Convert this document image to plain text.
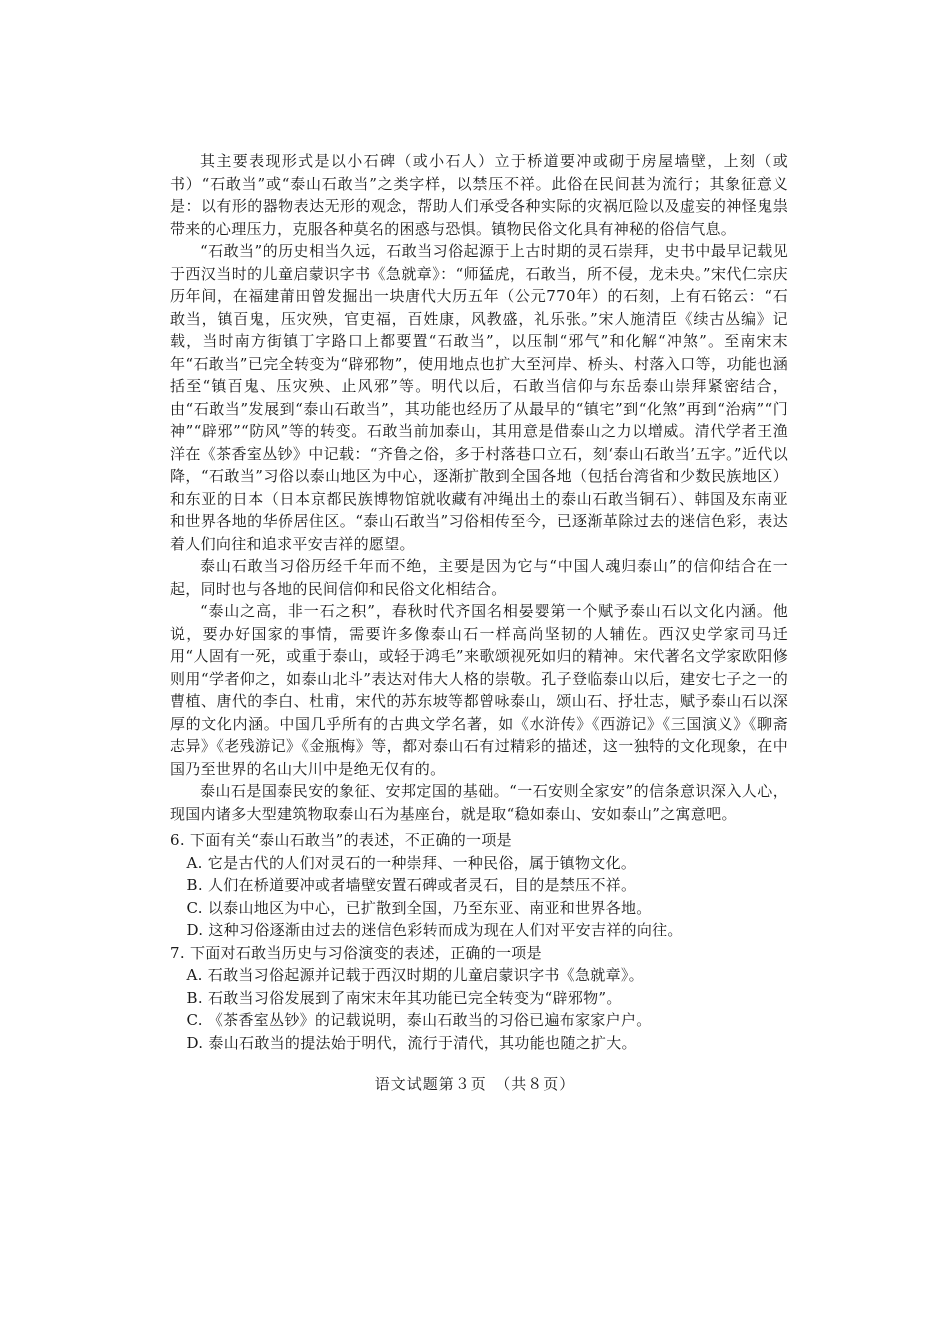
其主要表现形式是以小石碑（或小石人）立于桥道要冲或砌于房屋墙壁，上刻（或书）“石敢当”或“泰山石敢当”之类字样，以禁压不祥。此俗在民间甚为流行；其象征意义是：以有形的器物表达无形的观念，帮助人们承受各种实际的灾祸厄险以及虚妄的神怪鬼祟带来的心理压力，克服各种莫名的困惑与恐惧。镇物民俗文化具有神秘的俗信气息。

“石敢当”的历史相当久远，石敢当习俗起源于上古时期的灵石崇拜，史书中最早记载见于西汉当时的儿童启蒙识字书《急就章》：“师猛虎，石敢当，所不侵，龙未央。”宋代仁宗庆历年间，在福建莆田曾发掘出一块唐代大历五年（公元770年）的石刻，上有石铭云：“石敢当，镇百鬼，压灾殃，官吏福，百姓康，风教盛，礼乐张。”宋人施清臣《续古丛编》记载，当时南方街镇丁字路口上都要置“石敢当”，以压制“邪气”和化解“冲煞”。至南宋末年“石敢当”已完全转变为“辟邪物”，使用地点也扩大至河岸、桥头、村落入口等，功能也涵括至“镇百鬼、压灾殃、止风邪”等。明代以后，石敢当信仰与东岳泰山崇拜紧密结合，由“石敢当”发展到“泰山石敢当”，其功能也经历了从最早的“镇宅”到“化煞”再到“治病”“门神”“辟邪”“防风”等的转变。石敢当前加泰山，其用意是借泰山之力以增威。清代学者王渔洋在《茶香室丛钞》中记载：“齐鲁之俗，多于村落巷口立石，刻‘泰山石敢当’五字。”近代以降，“石敢当”习俗以泰山地区为中心，逐渐扩散到全国各地（包括台湾省和少数民族地区）和东亚的日本（日本京都民族博物馆就收藏有冲绳出土的泰山石敢当铜石）、韩国及东南亚和世界各地的华侨居住区。“泰山石敢当”习俗相传至今，已逐渐革除过去的迷信色彩，表达着人们向往和追求平安吉祥的愿望。

泰山石敢当习俗历经千年而不绝，主要是因为它与“中国人魂归泰山”的信仰结合在一起，同时也与各地的民间信仰和民俗文化相结合。

“泰山之高，非一石之积”，春秋时代齐国名相晏婴第一个赋予泰山石以文化内涵。他说，要办好国家的事情，需要许多像泰山石一样高尚坚韧的人辅佐。西汉史学家司马迁用“人固有一死，或重于泰山，或轻于鸿毛”来歌颂视死如归的精神。宋代著名文学家欧阳修则用“学者仰之，如泰山北斗”表达对伟大人格的崇敬。孔子登临泰山以后，建安七子之一的曹植、唐代的李白、杜甫，宋代的苏东坡等都曾咏泰山，颂山石、抒壮志，赋予泰山石以深厚的文化内涵。中国几乎所有的古典文学名著，如《水浒传》《西游记》《三国演义》《聊斋志异》《老残游记》《金瓶梅》等，都对泰山石有过精彩的描述，这一独特的文化现象，在中国乃至世界的名山大川中是绝无仅有的。

泰山石是国泰民安的象征、安邦定国的基础。“一石安则全家安”的信条意识深入人心，现国内诸多大型建筑物取泰山石为基座台，就是取“稳如泰山、安如泰山”之寓意吧。

6. 下面有关“泰山石敢当”的表述，不正确的一项是

A. 它是古代的人们对灵石的一种崇拜、一种民俗，属于镇物文化。

B. 人们在桥道要冲或者墙壁安置石碑或者灵石，目的是禁压不祥。

C. 以泰山地区为中心，已扩散到全国，乃至东亚、南亚和世界各地。

D. 这种习俗逐渐由过去的迷信色彩转而成为现在人们对平安吉祥的向往。

7. 下面对石敢当历史与习俗演变的表述，正确的一项是

A. 石敢当习俗起源并记载于西汉时期的儿童启蒙识字书《急就章》。

B. 石敢当习俗发展到了南宋末年其功能已完全转变为“辟邪物”。

C. 《茶香室丛钞》的记载说明，泰山石敢当的习俗已遍布家家户户。

D. 泰山石敢当的提法始于明代，流行于清代，其功能也随之扩大。

语文试题第３页　（共８页）
